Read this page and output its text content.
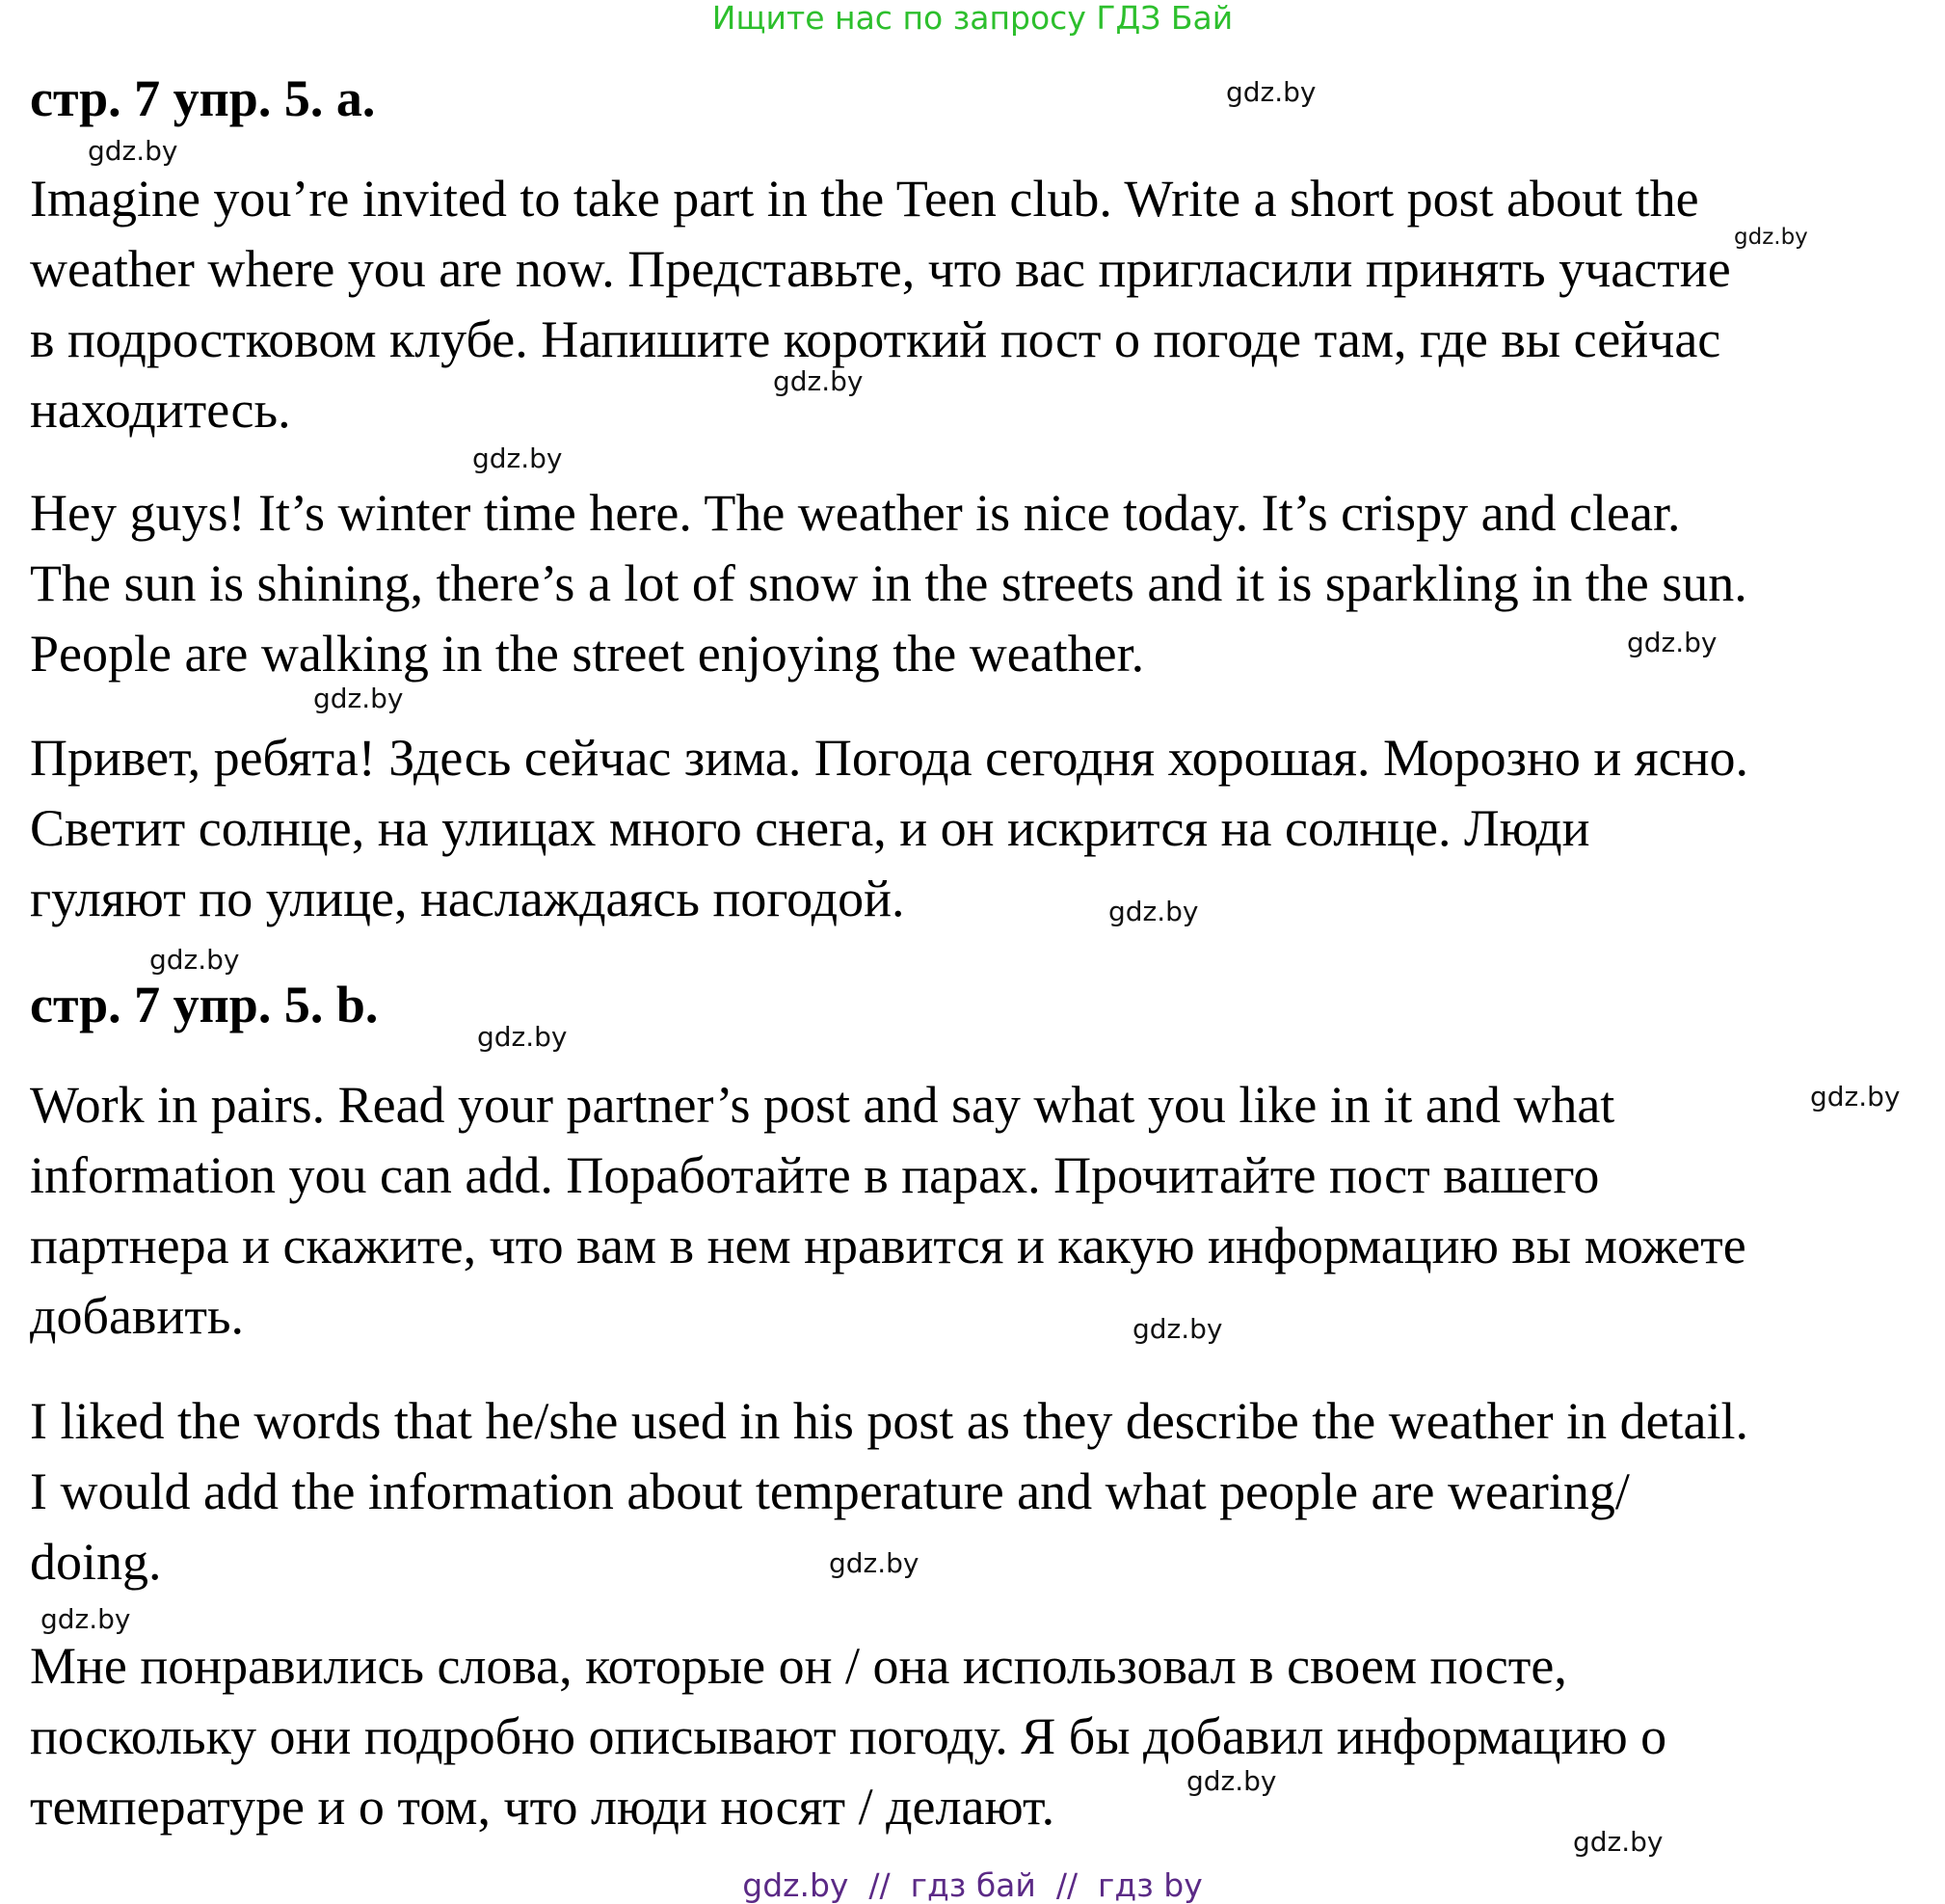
Ищите нас по запросу ГДЗ Бай
стр. 7 упр. 5. а.
Imagine you’re invited to take part in the Teen club. Write a short post about the
weather where you are now. Представьте, что вас пригласили принять участие
в подростковом клубе. Напишите короткий пост о погоде там, где вы сейчас
находитесь.
Hey guys! It’s winter time here. The weather is nice today. It’s crispy and clear.
The sun is shining, there’s a lot of snow in the streets and it is sparkling in the sun.
People are walking in the street enjoying the weather.
Привет, ребята! Здесь сейчас зима. Погода сегодня хорошая. Морозно и ясно.
Светит солнце, на улицах много снега, и он искрится на солнце. Люди
гуляют по улице, наслаждаясь погодой.
стр. 7 упр. 5. b.
Work in pairs. Read your partner’s post and say what you like in it and what
information you can add. Поработайте в парах. Прочитайте пост вашего
партнера и скажите, что вам в нем нравится и какую информацию вы можете
добавить.
I liked the words that he/she used in his post as they describe the weather in detail.
I would add the information about temperature and what people are wearing/
doing.
Мне понравились слова, которые он / она использовал в своем посте,
поскольку они подробно описывают погоду. Я бы добавил информацию о
температуре и о том, что люди носят / делают.
gdz.by
gdz.by
gdz.by
gdz.by
gdz.by
gdz.by
gdz.by
gdz.by
gdz.by
gdz.by
gdz.by
gdz.by
gdz.by
gdz.by
gdz.by
gdz.by
gdz.by  //  гдз бай  //  гдз by
